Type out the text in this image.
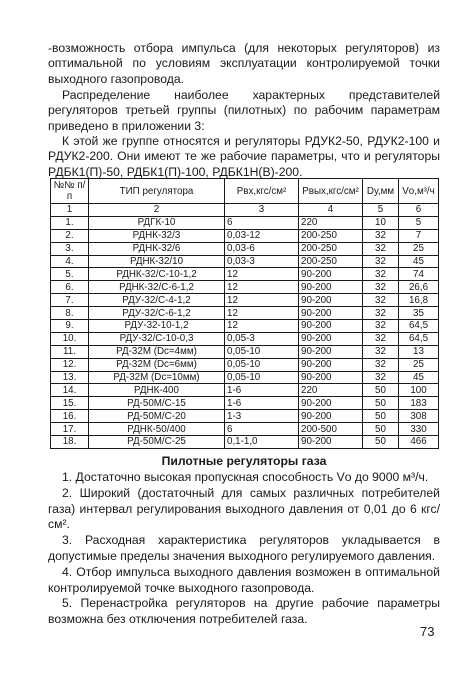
-возможность отбора импульса (для некоторых регуляторов) из оптимальной по условиям эксплуатации контролируемой точки выходного газопровода.

Распределение наиболее характерных представителей регуляторов третьей группы (пилотных) по рабочим параметрам приведено в приложении 3:

К этой же группе относятся и регуляторы РДУК2-50, РДУК2-100 и РДУК2-200. Они имеют те же рабочие параметры, что и регуляторы РДБК1(П)-50, РДБК1(П)-100, РДБК1Н(В)-200.

№№ п/п	ТИП регулятора	Pвх,кгс/см²	Pвых,кгс/см²	Dу,мм	Vо,м³/ч
1	2	3	4	5	6
1.	РДГК-10	6	220	10	5
2.	РДНК-32/3	0,03-12	200-250	32	7
3.	РДНК-32/6	0,03-6	200-250	32	25
4.	РДНК-32/10	0,03-3	200-250	32	45
5.	РДНК-32/С-10-1,2	12	90-200	32	74
6.	РДНК-32/С-6-1,2	12	90-200	32	26,6
7.	РДУ-32/С-4-1,2	12	90-200	32	16,8
8.	РДУ-32/С-6-1,2	12	90-200	32	35
9.	РДУ-32-10-1,2	12	90-200	32	64,5
10.	РДУ-32/С-10-0,3	0,05-3	90-200	32	64,5
11.	РД-32М (Dс=4мм)	0,05-10	90-200	32	13
12.	РД-32М (Dс=6мм)	0,05-10	90-200	32	25
13.	РД-32М (Dс=10мм)	0,05-10	90-200	32	45
14.	РДНК-400	1-6	220	50	100
15.	РД-50М/С-15	1-6	90-200	50	183
16.	РД-50М/С-20	1-3	90-200	50	308
17.	РДНК-50/400	6	200-500	50	330
18.	РД-50М/С-25	0,1-1,0	90-200	50	466

Пилотные регуляторы газа

1. Достаточно высокая пропускная способность Vо до 9000 м³/ч.
2. Широкий (достаточный для самых различных потребителей газа) интервал регулирования выходного давления от 0,01 до 6 кгс/см².
3. Расходная характеристика регуляторов укладывается в допустимые пределы значения выходного регулируемого давления.
4. Отбор импульса выходного давления возможен в оптимальной контролируемой точке выходного газопровода.
5. Перенастройка регуляторов на другие рабочие параметры возможна без отключения потребителей газа.

73
